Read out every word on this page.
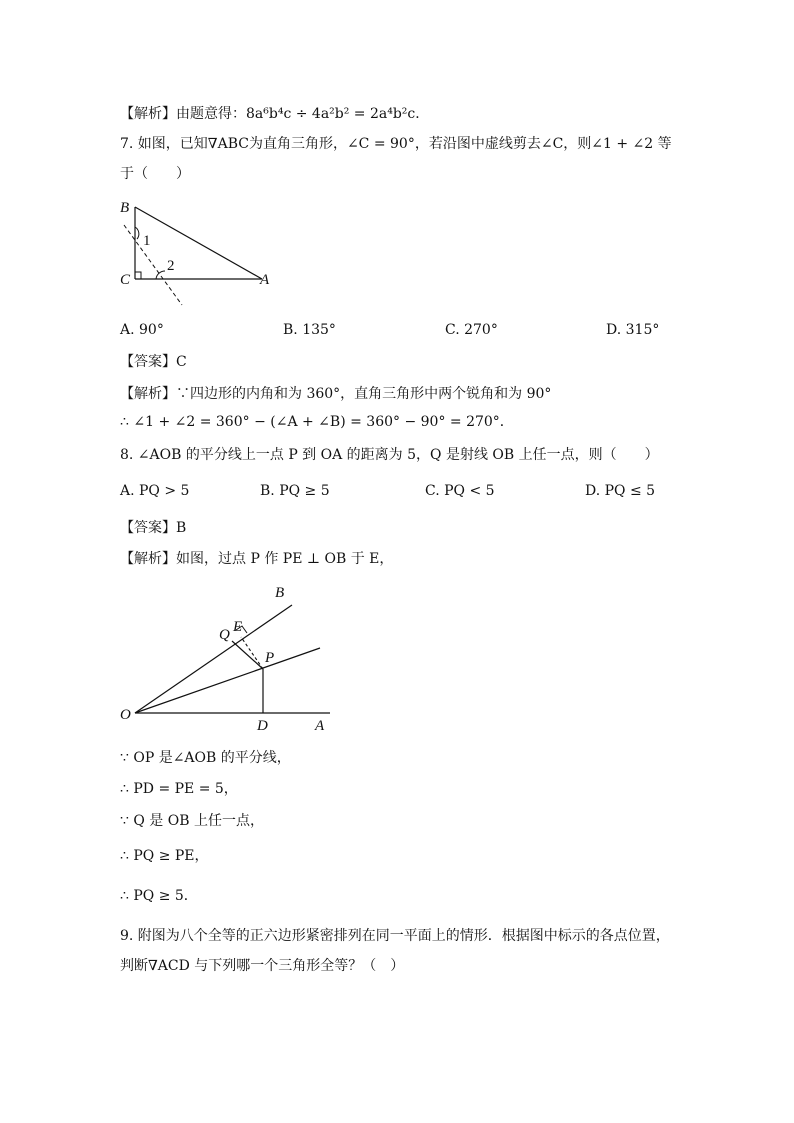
【解析】由题意得：8a⁶b⁴c ÷ 4a²b² = 2a⁴b²c．
7. 如图，已知∇ABC为直角三角形，∠C = 90°，若沿图中虚线剪去∠C，则∠1 + ∠2 等
于（　　）
B
C	A
1
2
A. 90°	B. 135°	C. 270°	D. 315°
【答案】C
【解析】∵四边形的内角和为 360°，直角三角形中两个锐角和为 90°
∴ ∠1 + ∠2 = 360° − (∠A + ∠B) = 360° − 90° = 270°．
8. ∠AOB 的平分线上一点 P 到 OA 的距离为 5，Q 是射线 OB 上任一点，则（　　）
A. PQ > 5	B. PQ ≥ 5	C. PQ < 5	D. PQ ≤ 5
【答案】B
【解析】如图，过点 P 作 PE ⊥ OB 于 E，
B
Q E
P
O
D	A
∵ OP 是∠AOB 的平分线，
∴ PD = PE = 5，
∵ Q 是 OB 上任一点，
∴ PQ ≥ PE，
∴ PQ ≥ 5．
9. 附图为八个全等的正六边形紧密排列在同一平面上的情形．根据图中标示的各点位置，
判断∇ACD 与下列哪一个三角形全等？（　）
